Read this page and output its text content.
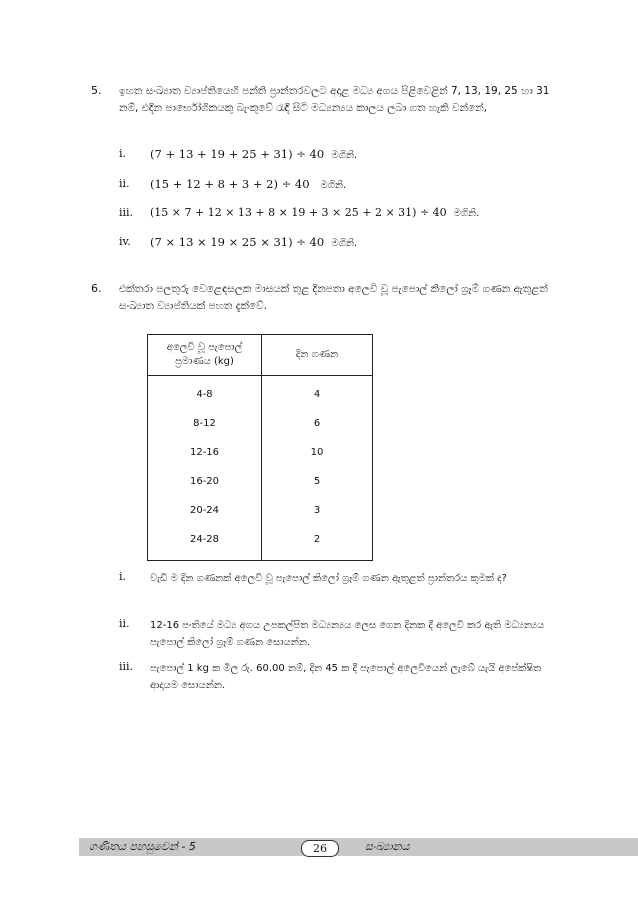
5. ඉහත සංඛ්‍යාත ව්‍යාප්තියෙහි පන්ති ප්‍රාන්තරවලට අදාළ මධ්‍ය අගය පිළිවෙළින් 7, 13, 19, 25 හා 31 නම්, එදින පාර්භෝගිකයකු බැංකුවේ රැඳී සිටි මධ්‍යන්‍යය කාලය ලබා ගත හැකි වන්නේ,
i. (7 + 13 + 19 + 25 + 31) ÷ 40 මගිනි.
ii. (15 + 12 + 8 + 3 + 2) ÷ 40 මගිනි.
iii. (15 × 7 + 12 × 13 + 8 × 19 + 3 × 25 + 2 × 31) ÷ 40 මගිනි.
iv. (7 × 13 × 19 × 25 × 31) ÷ 40 මගිනි.
6. එක්තරා පලතුරු වෙළෙඳසලක මාසයක් තුළ දිනපතා අලෙවි වූ පැපොල් කිලෝ ග්‍රෑම් ගණන ඇතුළත් සංඛ්‍යාත ව්‍යාප්තියක් පහත දැක්වේ.
අලෙවි වූ පැපොල් ප්‍රමාණය (kg)	දින ගණන
4-8	4
8-12	6
12-16	10
16-20	5
20-24	3
24-28	2
i. වැඩි ම දින ගණනක් අලෙවි වූ පැපොල් කිලෝ ග්‍රෑම් ගණන ඇතුළත් ප්‍රාන්තරය කුමක් ද?
ii. 12-16 පංතියේ මධ්‍ය අගය උපකල්පිත මධ්‍යන්‍යය ලෙස ගෙන දිනක දී අලෙවි කර ඇති මධ්‍යන්‍යය පැපොල් කිලෝ ග්‍රෑම් ගණන සොයන්න.
iii. පැපොල් 1 kg ක මිල රු. 60.00 නම්, දින 45 ක දී පැපොල් අලෙවියෙන් ලැබේ යැයි අපේක්ෂිත ආදායම සොයන්න.
ගණිතය පහසුවෙන් - 5	සංඛ්‍යානය
26
